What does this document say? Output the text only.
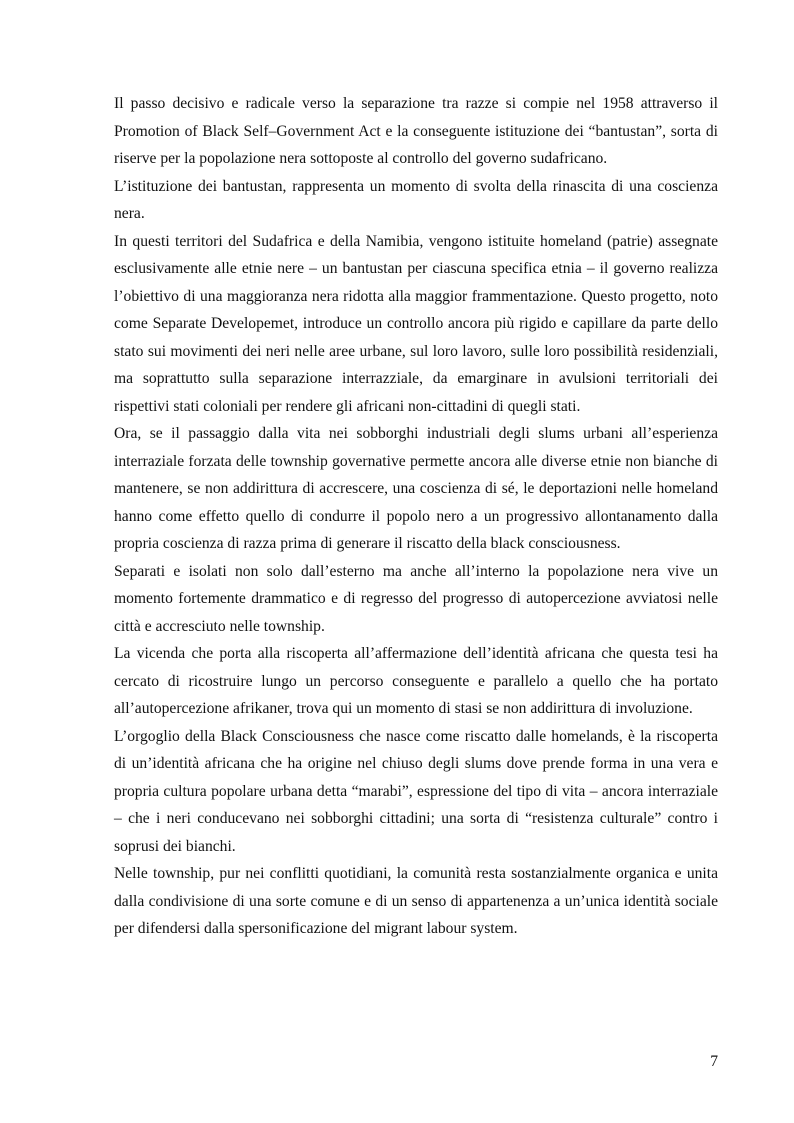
Il passo decisivo e radicale verso la separazione tra razze si compie nel 1958 attraverso il Promotion of Black Self–Government Act e la conseguente istituzione dei “bantustan”, sorta di riserve per la popolazione nera sottoposte al controllo del governo sudafricano.

L’istituzione dei bantustan, rappresenta un momento di svolta della rinascita di una coscienza nera.

In questi territori del Sudafrica e della Namibia, vengono istituite homeland (patrie) assegnate esclusivamente alle etnie nere – un bantustan per ciascuna specifica etnia – il governo realizza l’obiettivo di una maggioranza nera ridotta alla maggior frammentazione. Questo progetto, noto come Separate Developemet, introduce un controllo ancora più rigido e capillare da parte dello stato sui movimenti dei neri nelle aree urbane, sul loro lavoro, sulle loro possibilità residenziali, ma soprattutto sulla separazione interrazziale, da emarginare in avulsioni territoriali dei rispettivi stati coloniali per rendere gli africani non-cittadini di quegli stati.

Ora, se il passaggio dalla vita nei sobborghi industriali degli slums urbani all’esperienza interraziale forzata delle township governative permette ancora alle diverse etnie non bianche di mantenere, se non addirittura di accrescere, una coscienza di sé, le deportazioni nelle homeland hanno come effetto quello di condurre il popolo nero a un progressivo allontanamento dalla propria coscienza di razza prima di generare il riscatto della black consciousness.

Separati e isolati non solo dall’esterno ma anche all’interno la popolazione nera vive un momento fortemente drammatico e di regresso del progresso di autopercezione avviatosi nelle città e accresciuto nelle township.

La vicenda che porta alla riscoperta all’affermazione dell’identità africana che questa tesi ha cercato di ricostruire lungo un percorso conseguente e parallelo a quello che ha portato all’autopercezione afrikaner, trova qui un momento di stasi se non addirittura di involuzione.

L’orgoglio della Black Consciousness che nasce come riscatto dalle homelands, è la riscoperta di un’identità africana che ha origine nel chiuso degli slums dove prende forma in una vera e propria cultura popolare urbana detta “marabi”, espressione del tipo di vita – ancora interraziale – che i neri conducevano nei sobborghi cittadini; una sorta di “resistenza culturale” contro i soprusi dei bianchi.

Nelle township, pur nei conflitti quotidiani, la comunità resta sostanzialmente organica e unita dalla condivisione di una sorte comune e di un senso di appartenenza a un’unica identità sociale per difendersi dalla spersonificazione del migrant labour system.

7
